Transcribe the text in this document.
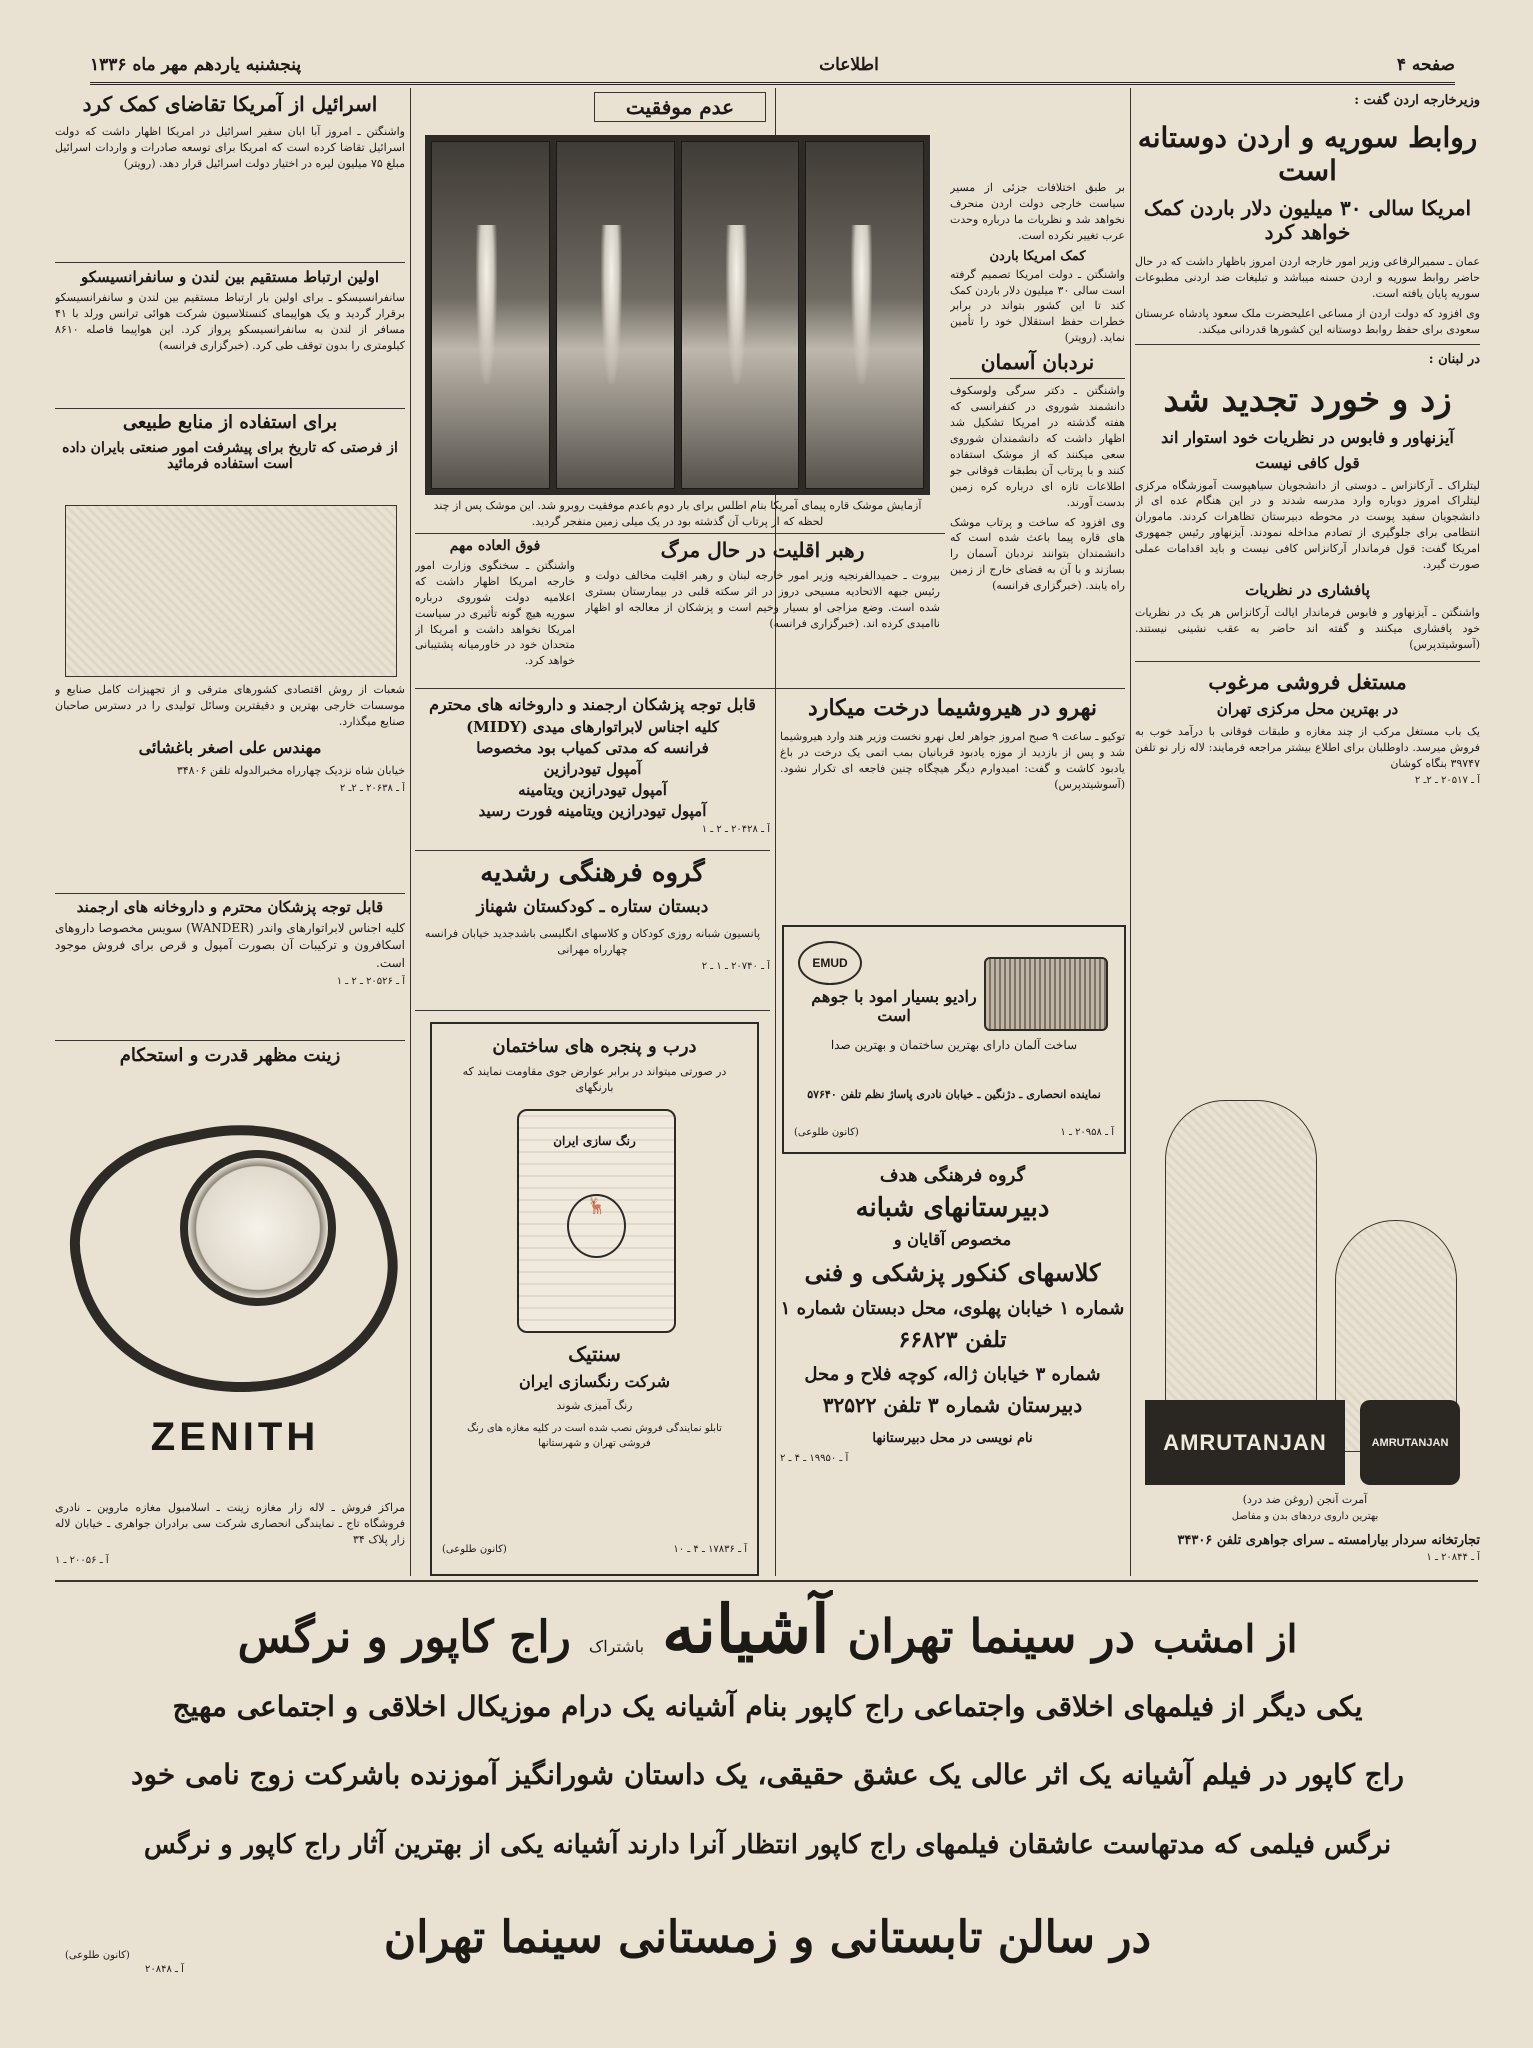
صفحه ۴
اطلاعات
پنجشنبه یاردهم مهر ماه ۱۳۳۶
وزیرخارجه اردن گفت :
روابط سوریه و اردن دوستانه است
امریکا سالی ۳۰ میلیون دلار باردن کمک خواهد کرد
عمان ـ سمیرالرفاعی وزیر امور خارجه اردن امروز باظهار داشت که در حال حاضر روابط سوریه و اردن حسنه میباشد و تبلیغات ضد اردنی مطبوعات سوریه پایان یافته است.
وی افزود که دولت اردن از مساعی اعلیحضرت ملک سعود پادشاه عربستان سعودی برای حفظ روابط دوستانه این کشورها قدردانی میکند.
در لبنان :
زد و خورد تجدید شد
آیزنهاور و فابوس در نظریات خود استوار اند
قول کافی نیست
لیتلراک ـ آرکانزاس ـ دوستی از دانشجویان سیاهپوست آموزشگاه مرکزی لیتلراک امروز دوباره وارد مدرسه شدند و در این هنگام عده ای از دانشجویان سفید پوست در محوطه دبیرستان تظاهرات کردند. ماموران انتظامی برای جلوگیری از تصادم مداخله نمودند. آیزنهاور رئیس جمهوری امریکا گفت: قول فرماندار آرکانزاس کافی نیست و باید اقدامات عملی صورت گیرد.
پافشاری در نظریات
واشنگتن ـ آیزنهاور و فابوس فرماندار ایالت آرکانزاس هر یک در نظریات خود پافشاری میکنند و گفته اند حاضر به عقب نشینی نیستند. (آسوشیتدپرس)
مستغل فروشی مرغوب
در بهترین محل مرکزی تهران
یک باب مستغل مرکب از چند مغازه و طبقات فوقانی با درآمد خوب به فروش میرسد. داوطلبان برای اطلاع بیشتر مراجعه فرمایند: لاله زار نو تلفن ۳۹۷۴۷ بنگاه کوشان
آ ـ ۲۰۵۱۷ ـ ۲ـ ۲
بر طبق اختلافات جزئی از مسیر سیاست خارجی دولت اردن منحرف نخواهد شد و نظریات ما درباره وحدت عرب تغییر نکرده است.
کمک امریکا باردن
واشنگتن ـ دولت امریکا تصمیم گرفته است سالی ۳۰ میلیون دلار باردن کمک کند تا این کشور بتواند در برابر خطرات حفظ استقلال خود را تأمین نماید. (رویتر)
AMRUTANJAN	AMRUTANJAN
آمرت آنجن (روغن ضد درد)
بهترین داروی دردهای بدن و مفاصل
تجارتخانه سردار بیارامسته ـ سرای جواهری تلفن ۳۴۳۰۶
آ ـ ۲۰۸۴۴ ـ ۱
نردبان آسمان
واشنگتن ـ دکتر سرگی ولوسکوف دانشمند شوروی در کنفرانسی که هفته گذشته در امریکا تشکیل شد اظهار داشت که دانشمندان شوروی سعی میکنند که از موشک استفاده کنند و با پرتاب آن بطبقات فوقانی جو اطلاعات تازه ای درباره کره زمین بدست آورند.
وی افزود که ساخت و پرتاب موشک های قاره پیما باعث شده است که دانشمندان بتوانند نردبان آسمان را بسازند و با آن به فضای خارج از زمین راه یابند. (خبرگزاری فرانسه)
نهرو در هیروشیما درخت میکارد
توکیو ـ ساعت ۹ صبح امروز جواهر لعل نهرو نخست وزیر هند وارد هیروشیما شد و پس از بازدید از موزه یادبود قربانیان بمب اتمی یک درخت در باغ یادبود کاشت و گفت: امیدوارم دیگر هیچگاه چنین فاجعه ای تکرار نشود. (آسوشیتدپرس)
EMUD
رادیو بسیار امود با جوهم است
ساخت آلمان دارای بهترین ساختمان و بهترین صدا
نماینده انحصاری ـ دژنگین ـ خیابان نادری پاساژ نظم تلفن ۵۷۶۴۰
آ ـ ۲۰۹۵۸ ـ ۱
(کانون طلوعی)
گروه فرهنگی هدف
دبیرستانهای شبانه
مخصوص آقایان و
کلاسهای کنکور پزشکی و فنی
شماره ۱ خیابان پهلوی، محل دبستان شماره ۱
تلفن ۶۶۸۲۳
شماره ۳ خیابان ژاله، کوچه فلاح و محل
دبیرستان شماره ۳ تلفن ۳۲۵۲۲
نام نویسی در محل دبیرستانها
آ ـ ۱۹۹۵۰ ـ ۴ ـ ۲
عدم موفقیت
آزمایش موشک قاره پیمای آمریکا بنام اطلس برای بار دوم باعدم موفقیت روبرو شد. این موشک پس از چند لحظه که از پرتاب آن گذشته بود در یک میلی زمین منفجر گردید.
فوق العاده مهم
واشنگتن ـ سخنگوی وزارت امور خارجه امریکا اظهار داشت که اعلامیه دولت شوروی درباره سوریه هیچ گونه تأثیری در سیاست امریکا نخواهد داشت و امریکا از متحدان خود در خاورمیانه پشتیبانی خواهد کرد.
رهبر اقلیت در حال مرگ
بیروت ـ حمیدالفرنجیه وزیر امور خارجه لبنان و رهبر اقلیت مخالف دولت و رئیس جبهه الاتحادیه مسیحی دروز در اثر سکته قلبی در بیمارستان بستری شده است. وضع مزاجی او بسیار وخیم است و پزشکان از معالجه او اظهار ناامیدی کرده اند. (خبرگزاری فرانسه)
قابل توجه پزشکان ارجمند و داروخانه های محترم
کلیه اجناس لابراتوارهای میدی (MIDY)
فرانسه که مدتی کمیاب بود مخصوصا
آمپول تیودرازین
آمپول تیودرازین ویتامینه
آمپول تیودرازین ویتامینه فورت رسید
آ ـ ۲۰۴۲۸ ـ ۲ ـ ۱
گروه فرهنگی رشدیه
دبستان ستاره ـ کودکستان شهناز
پانسیون شبانه روزی کودکان و کلاسهای انگلیسی باشدجدید خیابان فرانسه چهارراه مهرانی
آ ـ ۲۰۷۴۰ ـ ۱ ـ ۲
درب و پنجره های ساختمان
در صورتی میتواند در برابر عوارض جوی مقاومت نمایند که بارنگهای
رنگ سازی ایران
🦌
سنتیک
شرکت رنگسازی ایران
رنگ آمیزی شوند
تابلو نمایندگی فروش نصب شده است در کلیه مغازه های رنگ فروشی تهران و شهرستانها
آ ـ ۱۷۸۳۶ ـ ۴ ـ ۱۰
(کانون طلوعی)
اسرائیل از آمریکا تقاضای کمک کرد
واشنگتن ـ امروز آبا ابان سفیر اسرائیل در امریکا اظهار داشت که دولت اسرائیل تقاضا کرده است که امریکا برای توسعه صادرات و واردات اسرائیل مبلغ ۷۵ میلیون لیره در اختیار دولت اسرائیل قرار دهد. (رویتر)
اولین ارتباط مستقیم بین لندن و سانفرانسیسکو
سانفرانسیسکو ـ برای اولین بار ارتباط مستقیم بین لندن و سانفرانسیسکو برقرار گردید و یک هواپیمای کنستلاسیون شرکت هوائی ترانس ورلد با ۴۱ مسافر از لندن به سانفرانسیسکو پرواز کرد. این هواپیما فاصله ۸۶۱۰ کیلومتری را بدون توقف طی کرد. (خبرگزاری فرانسه)
برای استفاده از منابع طبیعی
از فرصتی که تاریخ برای پیشرفت امور صنعتی بایران داده است استفاده فرمائید
شعبات از روش اقتصادی کشورهای مترقی و از تجهیزات کامل صنایع و موسسات خارجی بهترین و دقیقترین وسائل تولیدی را در دسترس صاحبان صنایع میگذارد.
مهندس علی اصغر باغشائی
خیابان شاه نزدیک چهارراه مخبرالدوله تلفن ۳۴۸۰۶
آ ـ ۲۰۶۳۸ ـ ۲ـ ۲
قابل توجه پزشکان محترم و داروخانه های ارجمند
کلیه اجناس لابراتوارهای واندر (WANDER) سویس مخصوصا داروهای اسکافرون و ترکیبات آن بصورت آمپول و قرص برای فروش موجود است.
آ ـ ۲۰۵۲۶ ـ ۲ ـ ۱
زینت مظهر قدرت و استحکام
ZENITH
مراکز فروش ـ لاله زار مغازه زینت ـ اسلامبول مغازه ماروین ـ نادری فروشگاه تاج ـ نمایندگی انحصاری شرکت سی برادران جواهری ـ خیابان لاله زار پلاک ۳۴
آ ـ ۲۰۰۵۶ ـ ۱
از امشب
در سینما تهران
آشیانه
باشتراک
راج کاپور و نرگس
یکی دیگر از فیلمهای اخلاقی واجتماعی راج کاپور بنام آشیانه یک درام موزیکال اخلاقی و اجتماعی مهیج
راج کاپور در فیلم آشیانه یک اثر عالی یک عشق حقیقی، یک داستان شورانگیز آموزنده باشرکت زوج نامی خود
نرگس فیلمی که مدتهاست عاشقان فیلمهای راج کاپور انتظار آنرا دارند آشیانه یکی از بهترین آثار راج کاپور و نرگس
در سالن تابستانی و زمستانی سینما تهران
آ ـ ۲۰۸۴۸
(کانون طلوعی)
